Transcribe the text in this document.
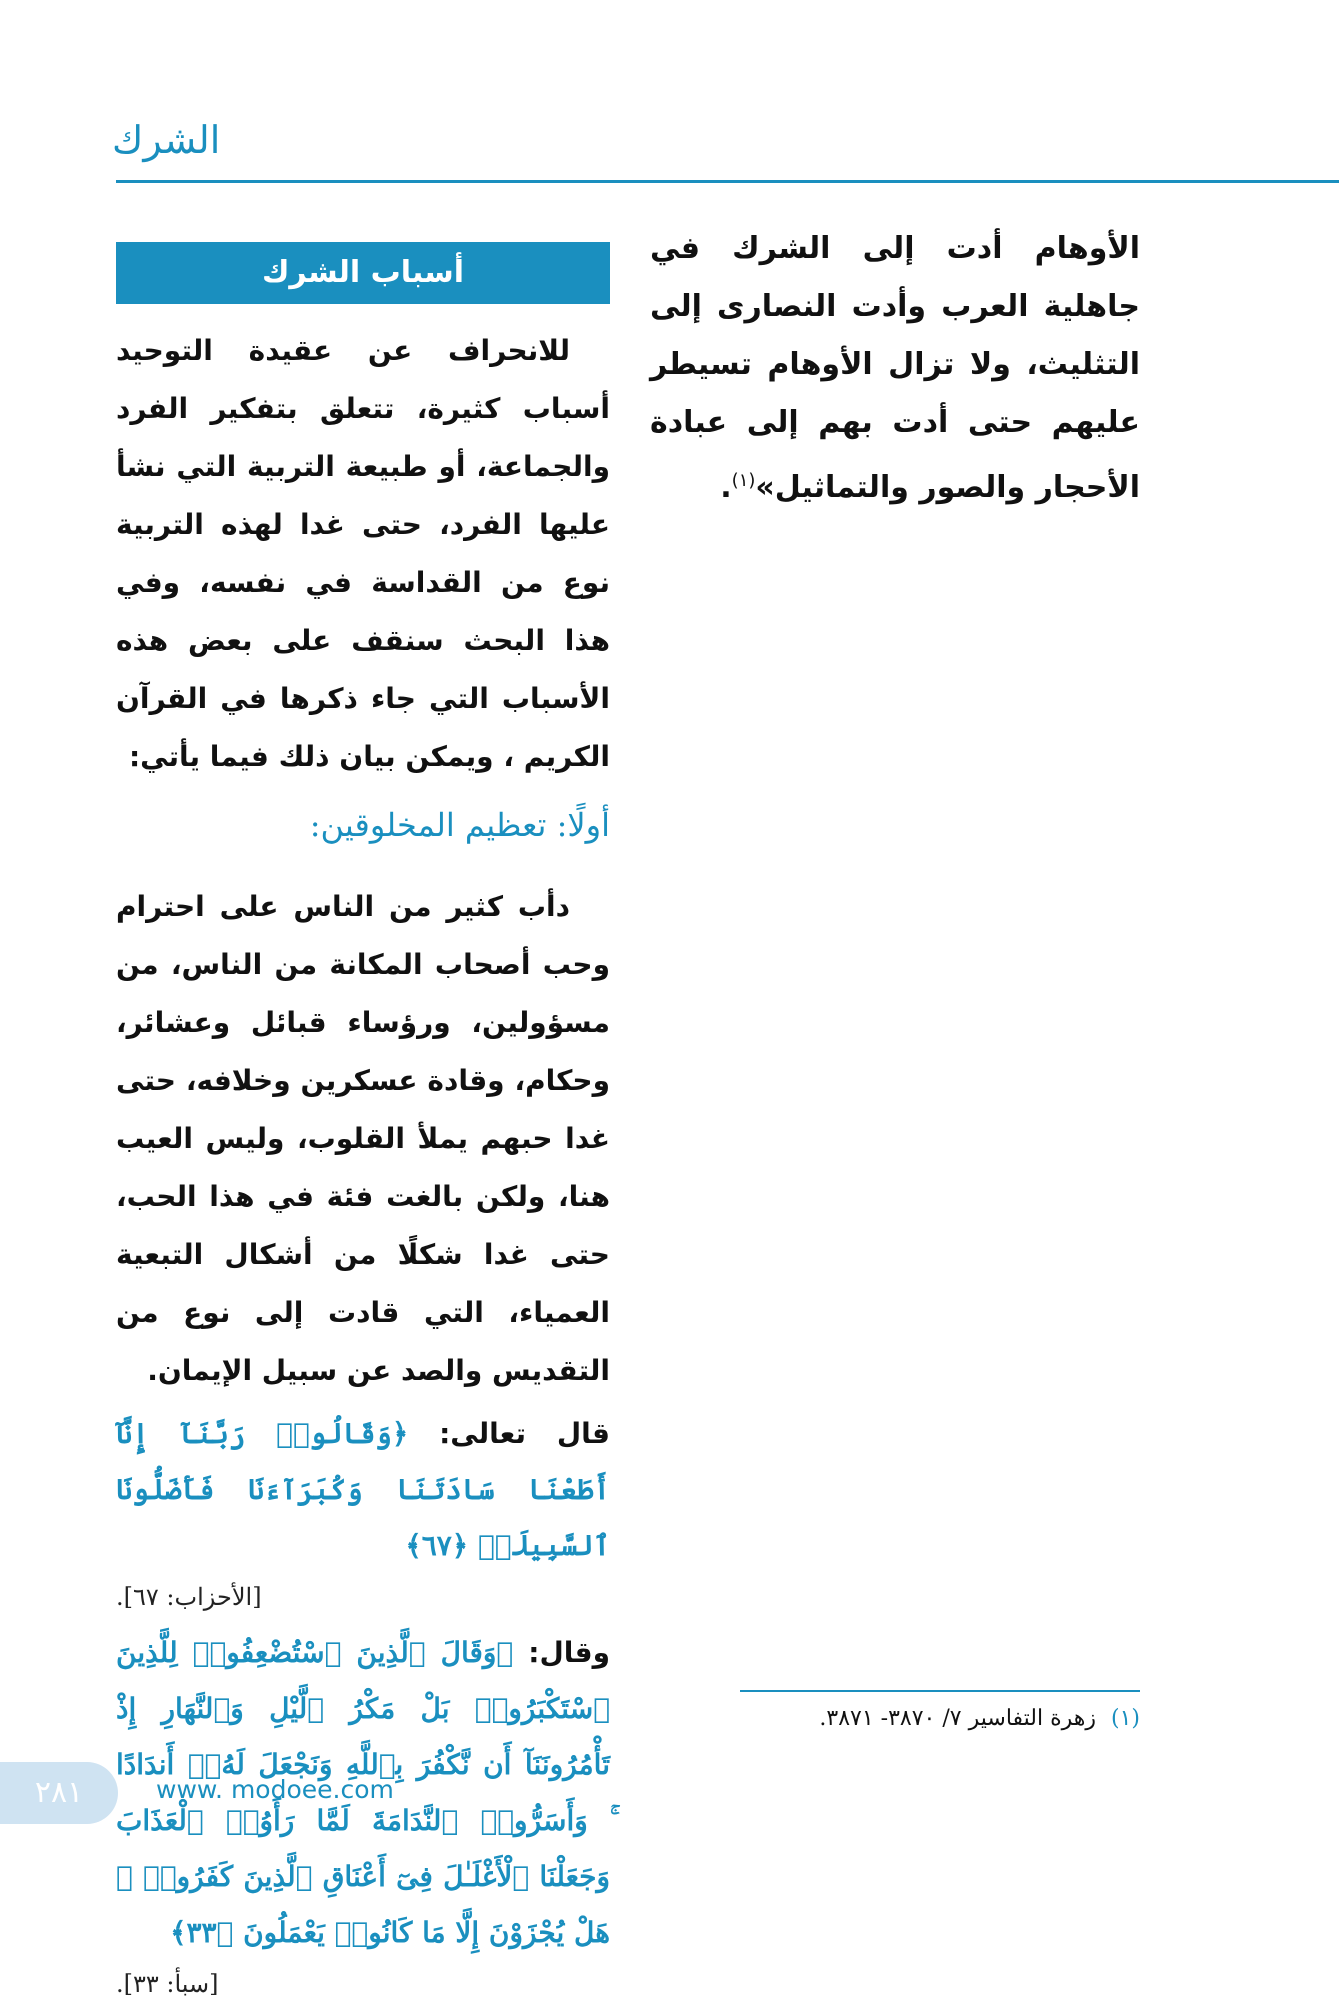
الشرك

الأوهام أدت إلى الشرك في جاهلية العرب وأدت النصارى إلى التثليث، ولا تزال الأوهام تسيطر عليهم حتى أدت بهم إلى عبادة الأحجار والصور والتماثيل»$^{(١)}$.

أسباب الشرك

للانحراف عن عقيدة التوحيد أسباب كثيرة، تتعلق بتفكير الفرد والجماعة، أو طبيعة التربية التي نشأ عليها الفرد، حتى غدا لهذه التربية نوع من القداسة في نفسه، وفي هذا البحث سنقف على بعض هذه الأسباب التي جاء ذكرها في القرآن الكريم ، ويمكن بيان ذلك فيما يأتي:

أولًا: تعظيم المخلوقين:

دأب كثير من الناس على احترام وحب أصحاب المكانة من الناس، من مسؤولين، ورؤساء قبائل وعشائر، وحكام، وقادة عسكرين وخلافه، حتى غدا حبهم يملأ القلوب، وليس العيب هنا، ولكن بالغت فئة في هذا الحب، حتى غدا شكلًا من أشكال التبعية العمياء، التي قادت إلى نوع من التقديس والصد عن سبيل الإيمان.

قال تعالى: ﴿وَقَالُوا۟ رَبَّنَآ إِنَّآ أَطَعْنَا سَادَتَنَا وَكُبَرَآءَنَا فَأَضَلُّونَا ٱلسَّبِيلَا۠ ﴿٦٧﴾

[الأحزاب: ٦٧].

وقال: ﴿وَقَالَ ٱلَّذِينَ ٱسْتُضْعِفُوا۟ لِلَّذِينَ ٱسْتَكْبَرُوا۟ بَلْ مَكْرُ ٱلَّيْلِ وَٱلنَّهَارِ إِذْ تَأْمُرُونَنَآ أَن نَّكْفُرَ بِٱللَّهِ وَنَجْعَلَ لَهُۥٓ أَندَادًا ۚ وَأَسَرُّوا۟ ٱلنَّدَامَةَ لَمَّا رَأَوُا۟ ٱلْعَذَابَ وَجَعَلْنَا ٱلْأَغْلَـٰلَ فِىٓ أَعْنَاقِ ٱلَّذِينَ كَفَرُوا۟ ۚ هَلْ يُجْزَوْنَ إِلَّا مَا كَانُوا۟ يَعْمَلُونَ ﴿٣٣﴾

[سبأ: ٣٣].

(١) زهرة التفاسير ٧/ ٣٨٧٠- ٣٨٧١.
٢٨١	www. modoee.com
